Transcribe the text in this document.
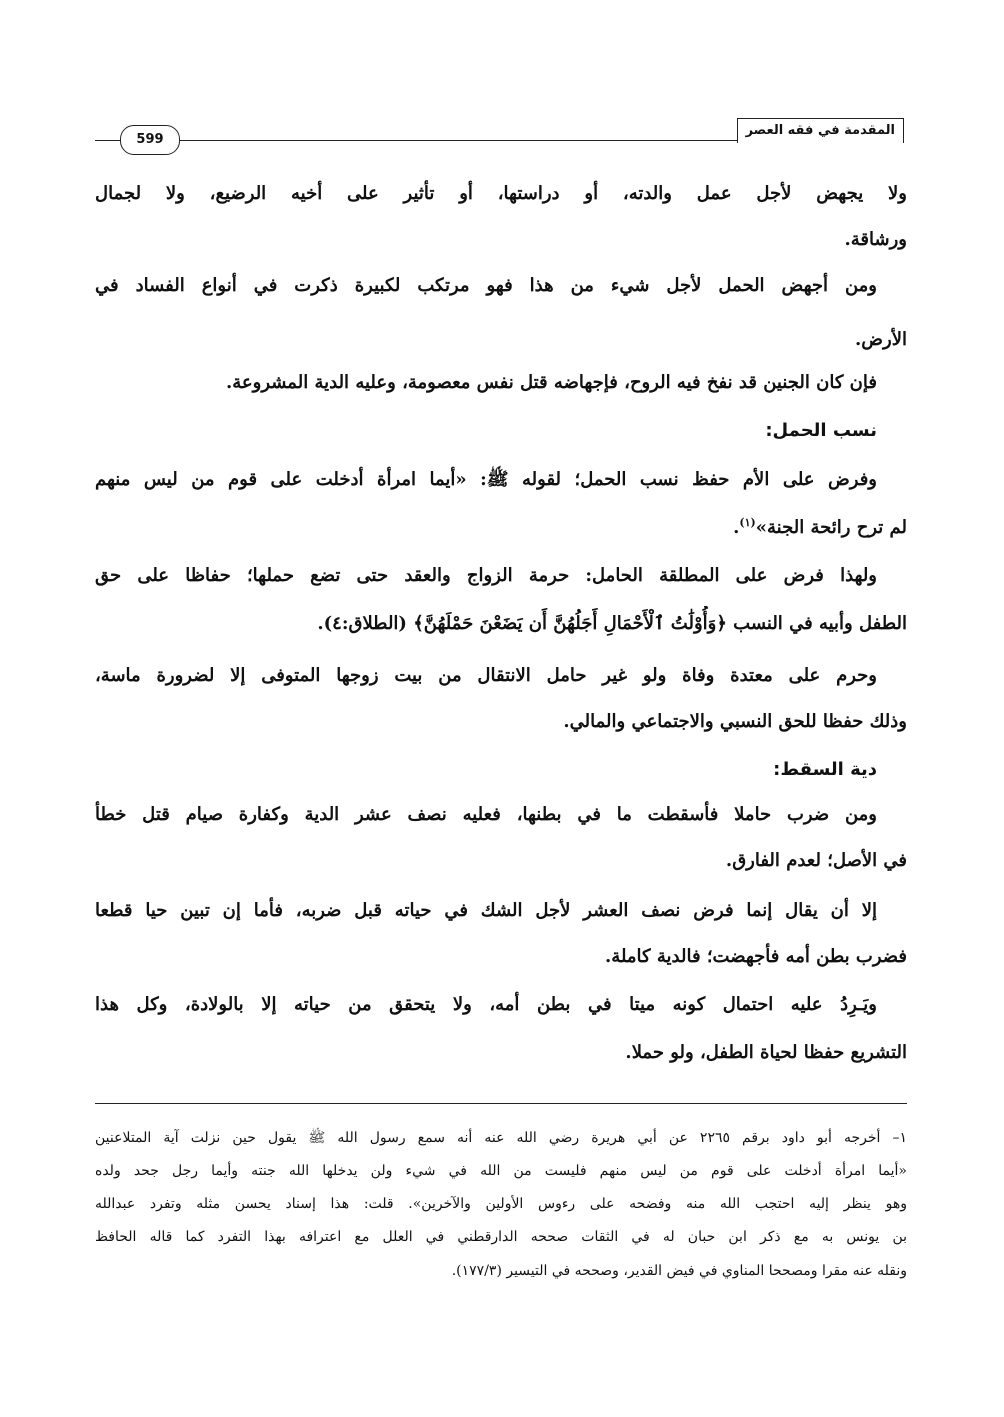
المقدمة في فقه العصر
599
ولا يجهض لأجل عمل والدته، أو دراستها، أو تأثير على أخيه الرضيع، ولا لجمال
ورشاقة.
ومن أجهض الحمل لأجل شيء من هذا فهو مرتكب لكبيرة ذكرت في أنواع الفساد في
الأرض.
فإن كان الجنين قد نفخ فيه الروح، فإجهاضه قتل نفس معصومة، وعليه الدية المشروعة.
نسب الحمل:
وفرض على الأم حفظ نسب الحمل؛ لقوله ﷺ: «أيما امرأة أدخلت على قوم من ليس منهم
لم ترح رائحة الجنة»$^{(١)}$.
ولهذا فرض على المطلقة الحامل: حرمة الزواج والعقد حتى تضع حملها؛ حفاظا على حق
الطفل وأبيه في النسب ﴿وَأُوْلَٰتُ ٱلْأَحْمَالِ أَجَلُهُنَّ أَن يَضَعْنَ حَمْلَهُنَّ﴾ (الطلاق:٤).
وحرم على معتدة وفاة ولو غير حامل الانتقال من بيت زوجها المتوفى إلا لضرورة ماسة،
وذلك حفظا للحق النسبي والاجتماعي والمالي.
دية السقط:
ومن ضرب حاملا فأسقطت ما في بطنها، فعليه نصف عشر الدية وكفارة صيام قتل خطأ
في الأصل؛ لعدم الفارق.
إلا أن يقال إنما فرض نصف العشر لأجل الشك في حياته قبل ضربه، فأما إن تبين حيا قطعا
فضرب بطن أمه فأجهضت؛ فالدية كاملة.
ويَـرِدُ عليه احتمال كونه ميتا في بطن أمه، ولا يتحقق من حياته إلا بالولادة، وكل هذا
التشريع حفظا لحياة الطفل، ولو حملا.
١– أخرجه أبو داود برقم ٢٢٦٥ عن أبي هريرة رضي الله عنه أنه سمع رسول الله ﷺ يقول حين نزلت آية المتلاعنين
«أيما امرأة أدخلت على قوم من ليس منهم فليست من الله في شيء ولن يدخلها الله جنته وأيما رجل جحد ولده
وهو ينظر إليه احتجب الله منه وفضحه على رءوس الأولين والآخرين». قلت: هذا إسناد يحسن مثله وتفرد عبدالله
بن يونس به مع ذكر ابن حبان له في الثقات صححه الدارقطني في العلل مع اعترافه بهذا التفرد كما قاله الحافظ
ونقله عنه مقرا ومصححا المناوي في فيض القدير، وصححه في التيسير (١٧٧/٣).
